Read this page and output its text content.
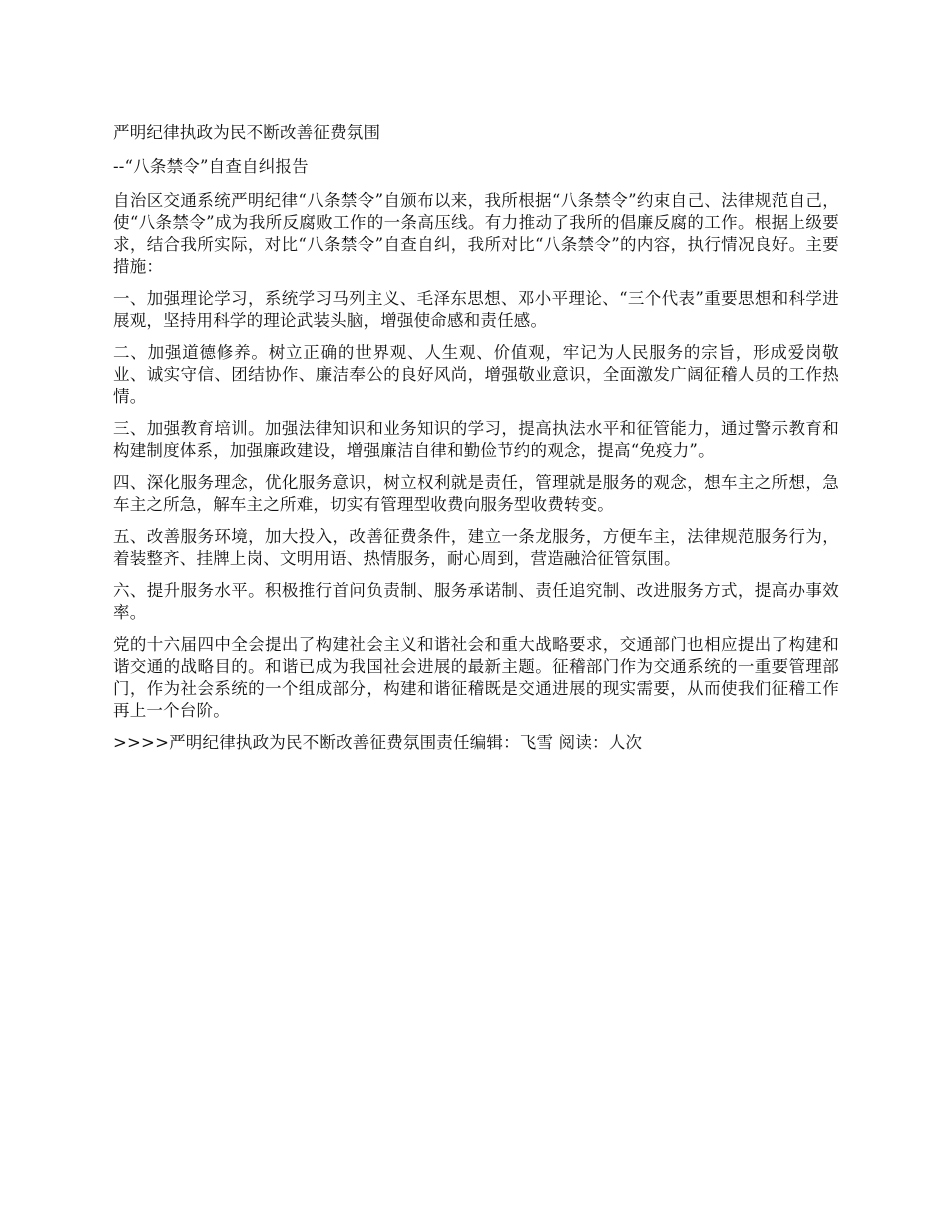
严明纪律执政为民不断改善征费氛围

--“八条禁令”自查自纠报告

自治区交通系统严明纪律“八条禁令”自颁布以来，我所根据“八条禁令”约束自己、法律规范自己，使“八条禁令”成为我所反腐败工作的一条高压线。有力推动了我所的倡廉反腐的工作。根据上级要求，结合我所实际，对比“八条禁令”自查自纠，我所对比“八条禁令”的内容，执行情况良好。主要措施：

一、加强理论学习，系统学习马列主义、毛泽东思想、邓小平理论、“三个代表”重要思想和科学进展观，坚持用科学的理论武装头脑，增强使命感和责任感。

二、加强道德修养。树立正确的世界观、人生观、价值观，牢记为人民服务的宗旨，形成爱岗敬业、诚实守信、团结协作、廉洁奉公的良好风尚，增强敬业意识，全面激发广阔征稽人员的工作热情。

三、加强教育培训。加强法律知识和业务知识的学习，提高执法水平和征管能力，通过警示教育和构建制度体系，加强廉政建设，增强廉洁自律和勤俭节约的观念，提高“免疫力”。

四、深化服务理念，优化服务意识，树立权利就是责任，管理就是服务的观念，想车主之所想，急车主之所急，解车主之所难，切实有管理型收费向服务型收费转变。

五、改善服务环境，加大投入，改善征费条件，建立一条龙服务，方便车主，法律规范服务行为，着装整齐、挂牌上岗、文明用语、热情服务，耐心周到，营造融洽征管氛围。

六、提升服务水平。积极推行首问负责制、服务承诺制、责任追究制、改进服务方式，提高办事效率。

党的十六届四中全会提出了构建社会主义和谐社会和重大战略要求，交通部门也相应提出了构建和谐交通的战略目的。和谐已成为我国社会进展的最新主题。征稽部门作为交通系统的一重要管理部门，作为社会系统的一个组成部分，构建和谐征稽既是交通进展的现实需要，从而使我们征稽工作再上一个台阶。

>>>>严明纪律执政为民不断改善征费氛围责任编辑：飞雪 阅读：人次
